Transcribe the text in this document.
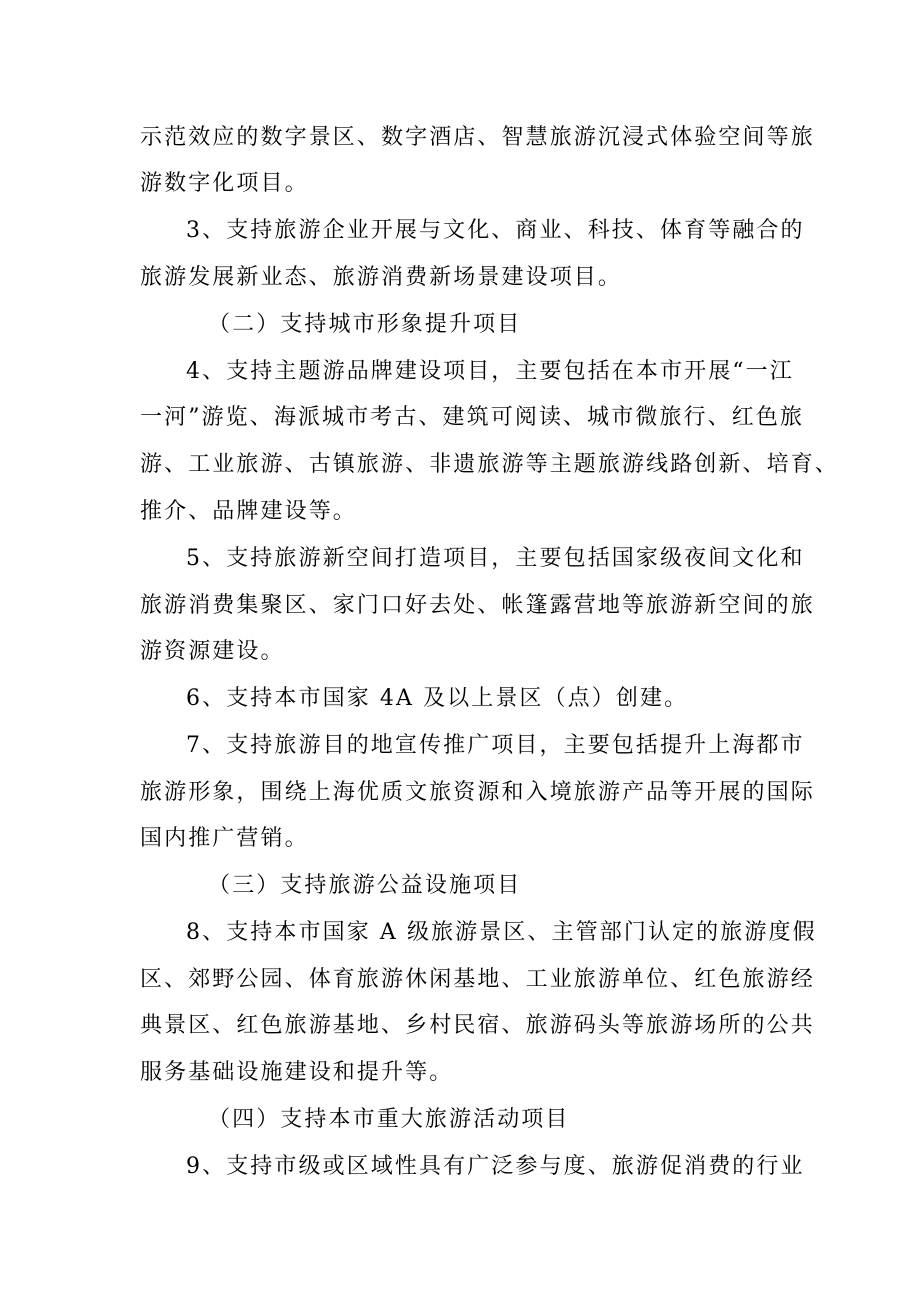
示范效应的数字景区、数字酒店、智慧旅游沉浸式体验空间等旅
游数字化项目。
3、支持旅游企业开展与文化、商业、科技、体育等融合的
旅游发展新业态、旅游消费新场景建设项目。
（二）支持城市形象提升项目
4、支持主题游品牌建设项目，主要包括在本市开展“一江
一河”游览、海派城市考古、建筑可阅读、城市微旅行、红色旅
游、工业旅游、古镇旅游、非遗旅游等主题旅游线路创新、培育、
推介、品牌建设等。
5、支持旅游新空间打造项目，主要包括国家级夜间文化和
旅游消费集聚区、家门口好去处、帐篷露营地等旅游新空间的旅
游资源建设。
6、支持本市国家 4A 及以上景区（点）创建。
7、支持旅游目的地宣传推广项目，主要包括提升上海都市
旅游形象，围绕上海优质文旅资源和入境旅游产品等开展的国际
国内推广营销。
（三）支持旅游公益设施项目
8、支持本市国家 A 级旅游景区、主管部门认定的旅游度假
区、郊野公园、体育旅游休闲基地、工业旅游单位、红色旅游经
典景区、红色旅游基地、乡村民宿、旅游码头等旅游场所的公共
服务基础设施建设和提升等。
（四）支持本市重大旅游活动项目
9、支持市级或区域性具有广泛参与度、旅游促消费的行业
